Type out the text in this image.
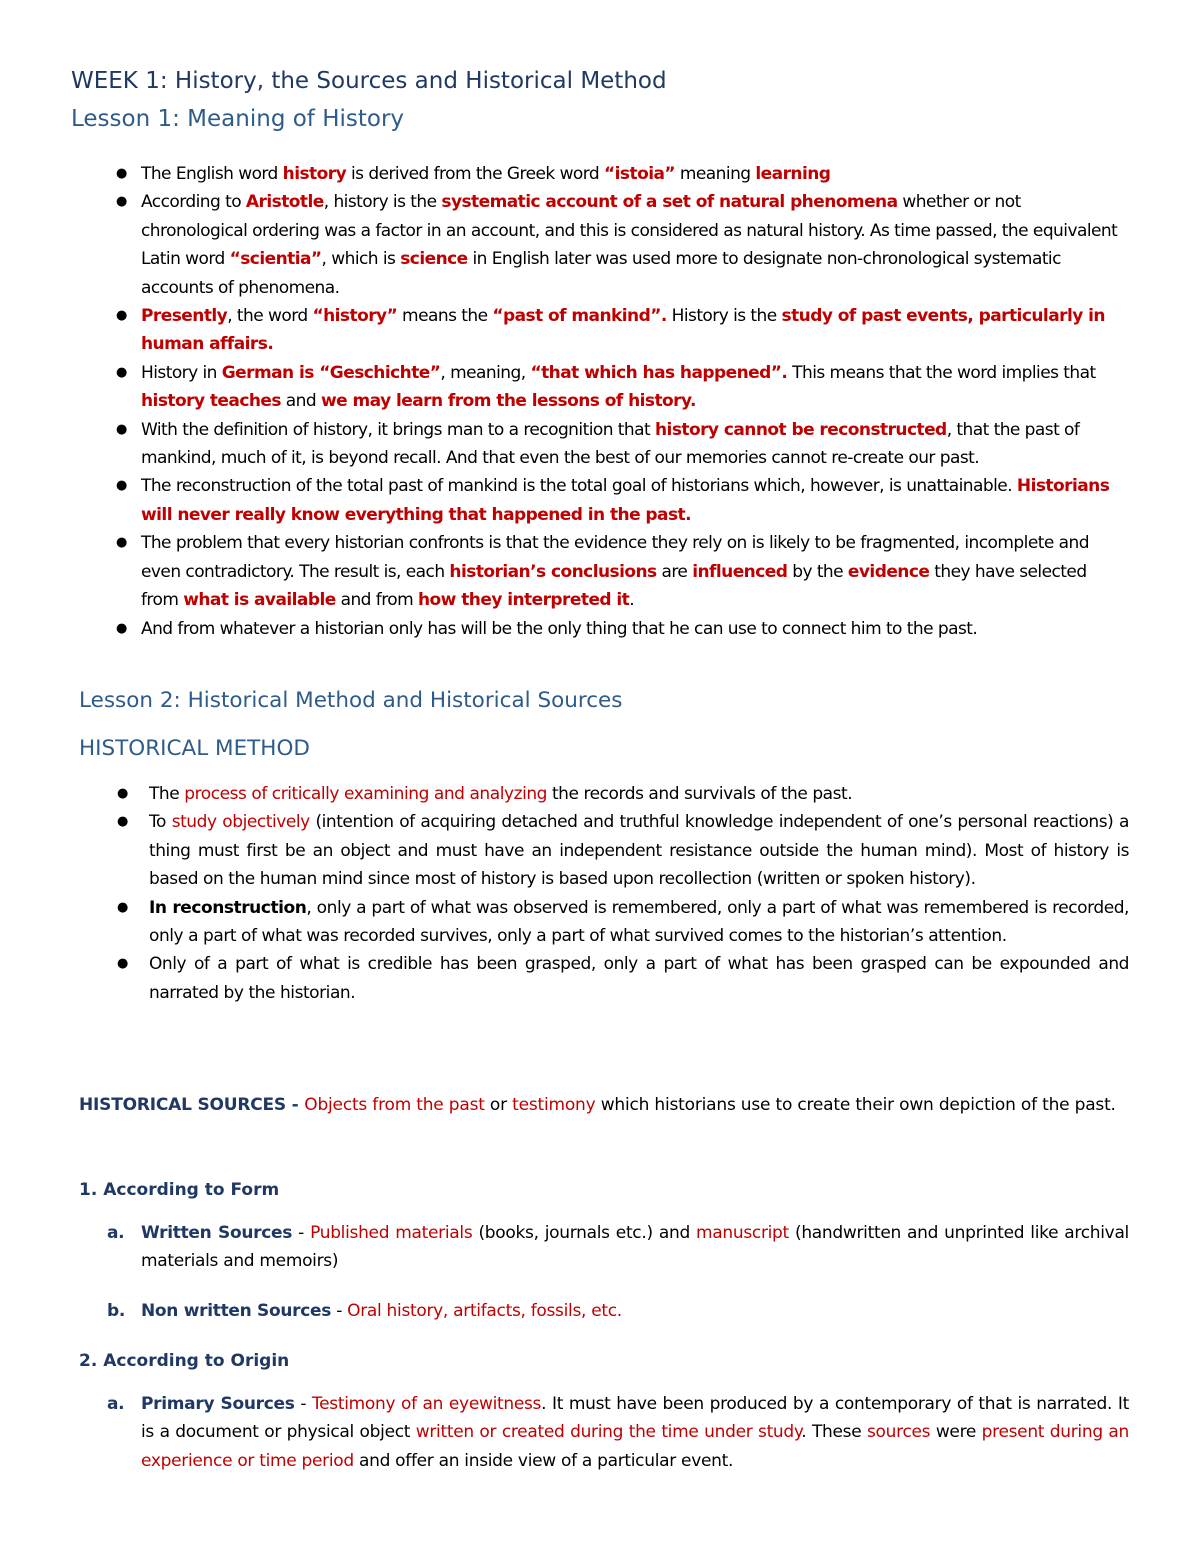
WEEK 1: History, the Sources and Historical Method
Lesson 1: Meaning of History
● The English word history is derived from the Greek word “istoia” meaning learning
● According to Aristotle, history is the systematic account of a set of natural phenomena whether or not chronological ordering was a factor in an account, and this is considered as natural history. As time passed, the equivalent Latin word “scientia”, which is science in English later was used more to designate non-chronological systematic accounts of phenomena.
● Presently, the word “history” means the “past of mankind”. History is the study of past events, particularly in human affairs.
● History in German is “Geschichte”, meaning, “that which has happened”. This means that the word implies that history teaches and we may learn from the lessons of history.
● With the definition of history, it brings man to a recognition that history cannot be reconstructed, that the past of mankind, much of it, is beyond recall. And that even the best of our memories cannot re-create our past.
● The reconstruction of the total past of mankind is the total goal of historians which, however, is unattainable. Historians will never really know everything that happened in the past.
● The problem that every historian confronts is that the evidence they rely on is likely to be fragmented, incomplete and even contradictory. The result is, each historian’s conclusions are influenced by the evidence they have selected from what is available and from how they interpreted it.
● And from whatever a historian only has will be the only thing that he can use to connect him to the past.
Lesson 2: Historical Method and Historical Sources
HISTORICAL METHOD
● The process of critically examining and analyzing the records and survivals of the past.
● To study objectively (intention of acquiring detached and truthful knowledge independent of one’s personal reactions) a thing must first be an object and must have an independent resistance outside the human mind). Most of history is based on the human mind since most of history is based upon recollection (written or spoken history).
● In reconstruction, only a part of what was observed is remembered, only a part of what was remembered is recorded, only a part of what was recorded survives, only a part of what survived comes to the historian’s attention.
● Only of a part of what is credible has been grasped, only a part of what has been grasped can be expounded and narrated by the historian.
HISTORICAL SOURCES - Objects from the past or testimony which historians use to create their own depiction of the past.
1. According to Form
a. Written Sources - Published materials (books, journals etc.) and manuscript (handwritten and unprinted like archival materials and memoirs)
b. Non written Sources - Oral history, artifacts, fossils, etc.
2. According to Origin
a. Primary Sources - Testimony of an eyewitness. It must have been produced by a contemporary of that is narrated. It is a document or physical object written or created during the time under study. These sources were present during an experience or time period and offer an inside view of a particular event.
